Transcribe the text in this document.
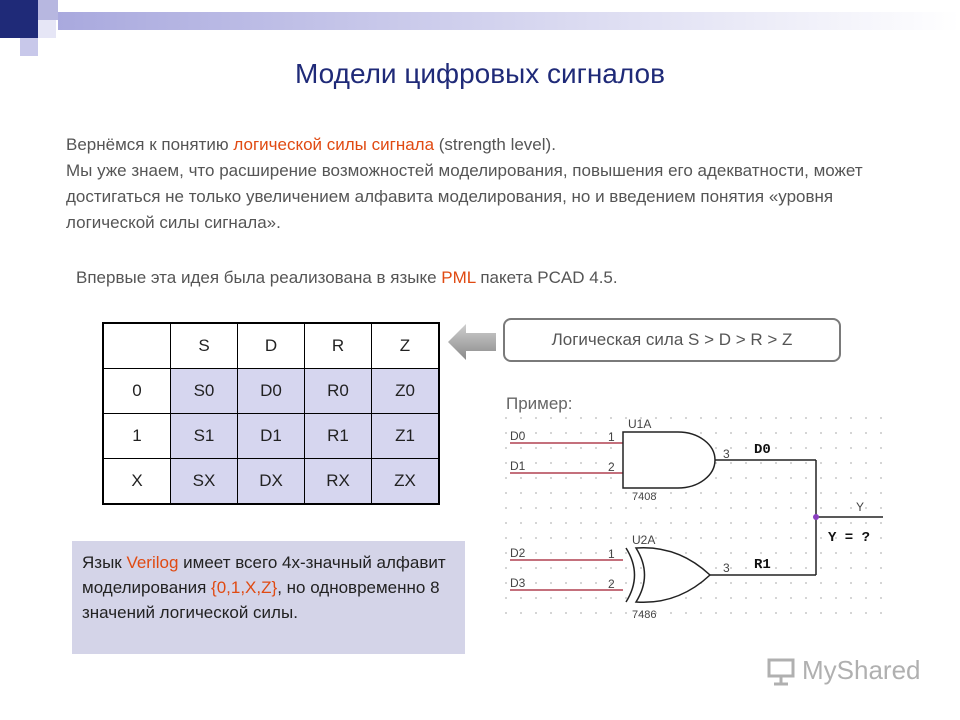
Модели цифровых сигналов
Вернёмся к понятию логической силы сигнала (strength level).
Мы уже знаем, что расширение возможностей моделирования, повышения его адекватности, может достигаться не только увеличением алфавита моделирования, но и введением понятия «уровня логической силы сигнала».
Впервые эта идея была реализована в языке PML пакета PCAD 4.5.
	S	D	R	Z
0	S0	D0	R0	Z0
1	S1	D1	R1	Z1
X	SX	DX	RX	ZX
Логическая сила S > D > R > Z
Пример:
D0
D1
D2
D3
1
2
1
2
U1A
7408
U2A
7486
3
3
D0
R1
Y
Y = ?
Язык Verilog имеет всего 4х-значный алфавит моделирования {0,1,X,Z}, но одновременно 8 значений логической силы.
MyShared
